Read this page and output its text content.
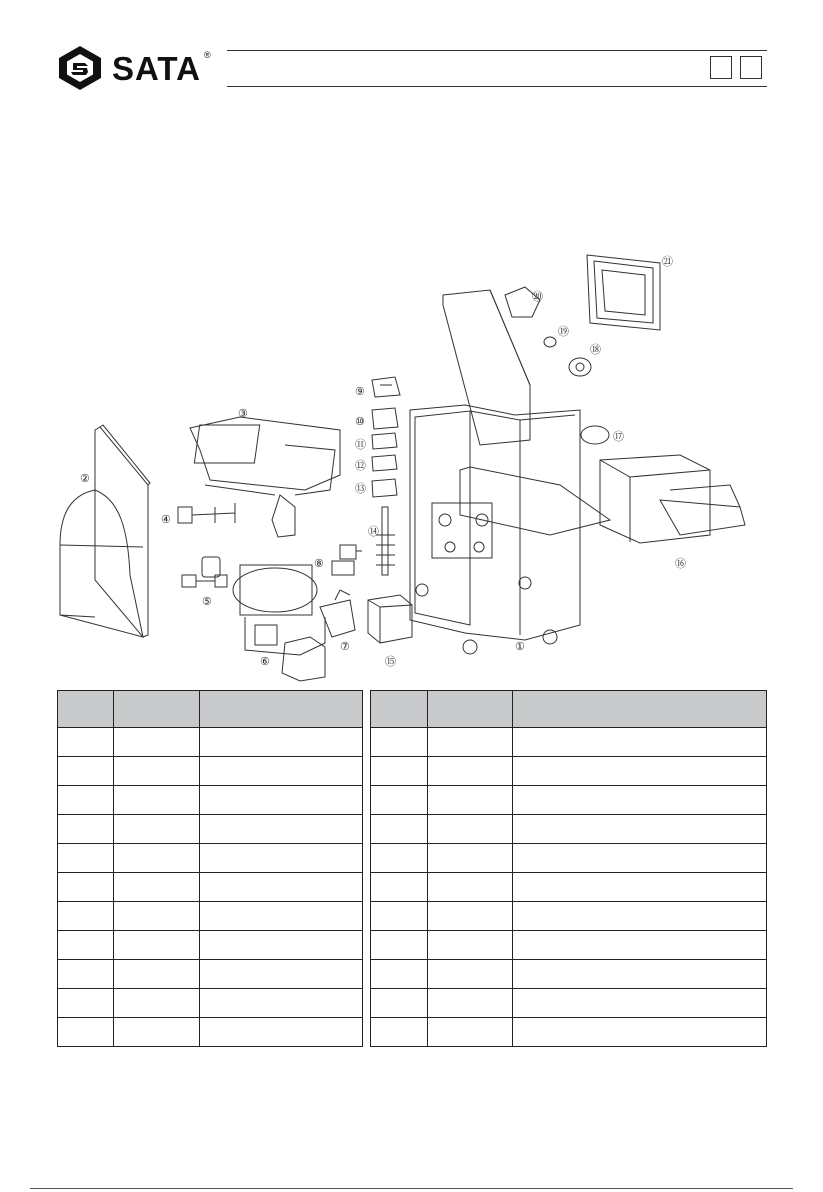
SATA ®
②
③
④
⑤
⑥
⑦
⑧
⑨
⑩
⑪
⑫
⑬
⑭
⑮
①
⑯
⑰
⑱
⑲
⑳
㉑
